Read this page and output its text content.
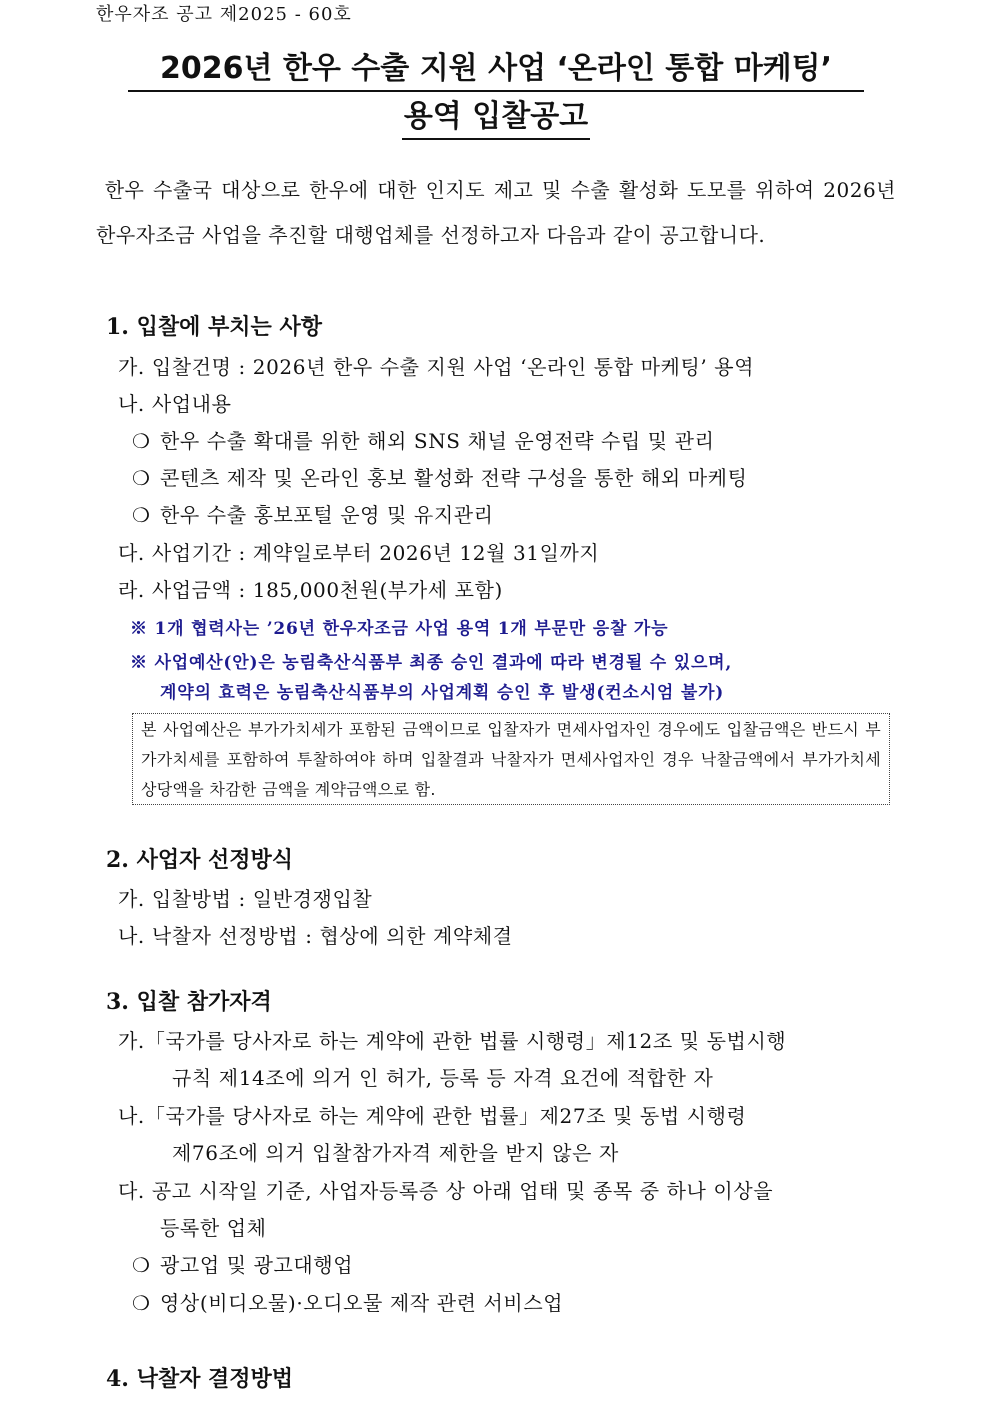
한우자조 공고 제2025 - 60호
2026년 한우 수출 지원 사업 ‘온라인 통합 마케팅’
용역 입찰공고
한우 수출국 대상으로 한우에 대한 인지도 제고 및 수출 활성화 도모를 위하여 2026년 한우자조금 사업을 추진할 대행업체를 선정하고자 다음과 같이 공고합니다.
1. 입찰에 부치는 사항
가. 입찰건명 : 2026년 한우 수출 지원 사업 ‘온라인 통합 마케팅’ 용역
나. 사업내용
❍ 한우 수출 확대를 위한 해외 SNS 채널 운영전략 수립 및 관리
❍ 콘텐츠 제작 및 온라인 홍보 활성화 전략 구성을 통한 해외 마케팅
❍ 한우 수출 홍보포털 운영 및 유지관리
다. 사업기간 : 계약일로부터 2026년 12월 31일까지
라. 사업금액 : 185,000천원(부가세 포함)
※ 1개 협력사는 ’26년 한우자조금 사업 용역 1개 부문만 응찰 가능
※ 사업예산(안)은 농림축산식품부 최종 승인 결과에 따라 변경될 수 있으며,
계약의 효력은 농림축산식품부의 사업계획 승인 후 발생(컨소시엄 불가)
본 사업예산은 부가가치세가 포함된 금액이므로 입찰자가 면세사업자인 경우에도 입찰금액은 반드시 부가가치세를 포함하여 투찰하여야 하며 입찰결과 낙찰자가 면세사업자인 경우 낙찰금액에서 부가가치세 상당액을 차감한 금액을 계약금액으로 함.
2. 사업자 선정방식
가. 입찰방법 : 일반경쟁입찰
나. 낙찰자 선정방법 : 협상에 의한 계약체결
3. 입찰 참가자격
가.「국가를 당사자로 하는 계약에 관한 법률 시행령」제12조 및 동법시행
규칙 제14조에 의거 인 허가, 등록 등 자격 요건에 적합한 자
나.「국가를 당사자로 하는 계약에 관한 법률」제27조 및 동법 시행령
제76조에 의거 입찰참가자격 제한을 받지 않은 자
다. 공고 시작일 기준, 사업자등록증 상 아래 업태 및 종목 중 하나 이상을
등록한 업체
❍ 광고업 및 광고대행업
❍ 영상(비디오물)·오디오물 제작 관련 서비스업
4. 낙찰자 결정방법
